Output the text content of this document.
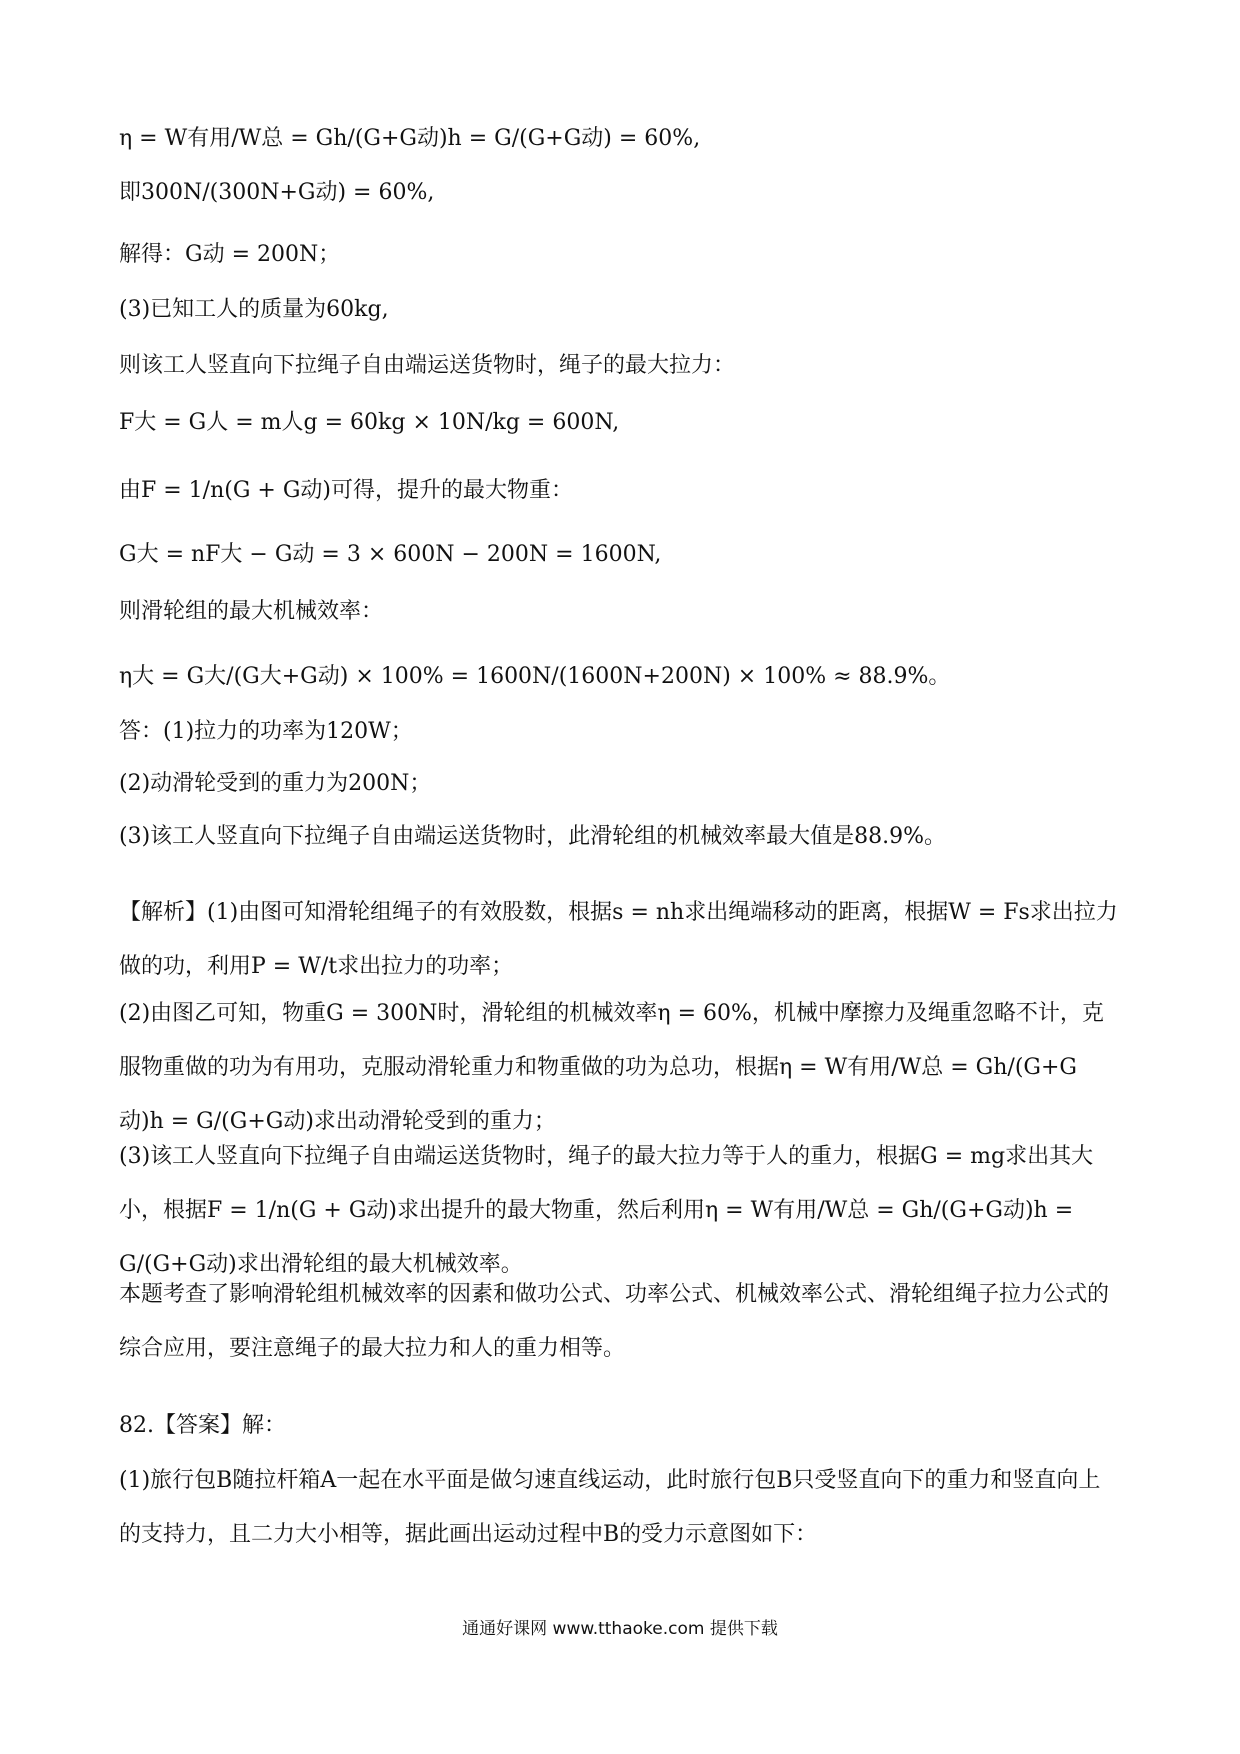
η = W有用/W总 = Gh/(G+G动)h = G/(G+G动) = 60%,
即300N/(300N+G动) = 60%,
解得：G动 = 200N；
(3)已知工人的质量为60kg,
则该工人竖直向下拉绳子自由端运送货物时，绳子的最大拉力：
F大 = G人 = m人g = 60kg × 10N/kg = 600N,
由F = 1/n(G + G动)可得，提升的最大物重：
G大 = nF大 − G动 = 3 × 600N − 200N = 1600N,
则滑轮组的最大机械效率：
η大 = G大/(G大+G动) × 100% = 1600N/(1600N+200N) × 100% ≈ 88.9%。
答：(1)拉力的功率为120W；
(2)动滑轮受到的重力为200N；
(3)该工人竖直向下拉绳子自由端运送货物时，此滑轮组的机械效率最大值是88.9%。
【解析】(1)由图可知滑轮组绳子的有效股数，根据s = nh求出绳端移动的距离，根据W = Fs求出拉力做的功，利用P = W/t求出拉力的功率；
(2)由图乙可知，物重G = 300N时，滑轮组的机械效率η = 60%，机械中摩擦力及绳重忽略不计，克服物重做的功为有用功，克服动滑轮重力和物重做的功为总功，根据η = W有用/W总 = Gh/(G+G动)h = G/(G+G动)求出动滑轮受到的重力；
(3)该工人竖直向下拉绳子自由端运送货物时，绳子的最大拉力等于人的重力，根据G = mg求出其大小，根据F = 1/n(G + G动)求出提升的最大物重，然后利用η = W有用/W总 = Gh/(G+G动)h = G/(G+G动)求出滑轮组的最大机械效率。
本题考查了影响滑轮组机械效率的因素和做功公式、功率公式、机械效率公式、滑轮组绳子拉力公式的综合应用，要注意绳子的最大拉力和人的重力相等。
82.【答案】解：
(1)旅行包B随拉杆箱A一起在水平面是做匀速直线运动，此时旅行包B只受竖直向下的重力和竖直向上的支持力，且二力大小相等，据此画出运动过程中B的受力示意图如下：
通通好课网 www.tthaoke.com 提供下载
